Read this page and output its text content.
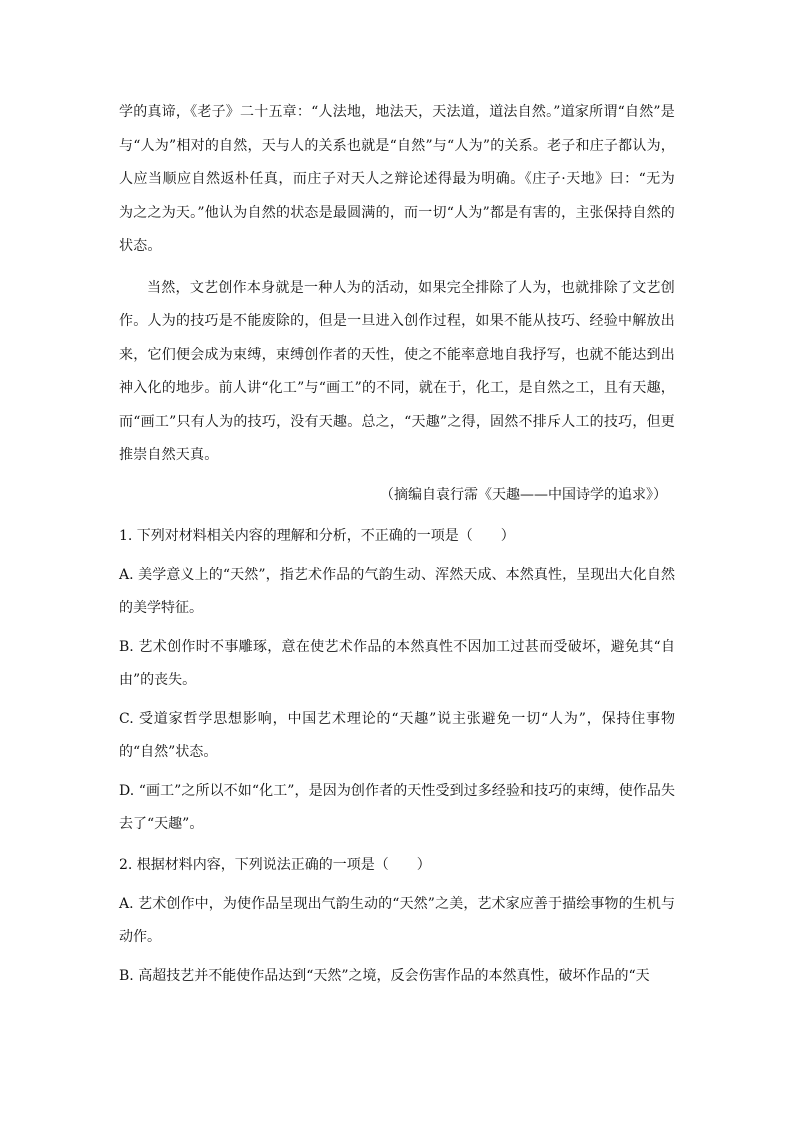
学的真谛，《老子》二十五章：“人法地，地法天，天法道，道法自然。”道家所谓“自然”是与“人为”相对的自然，天与人的关系也就是“自然”与“人为”的关系。老子和庄子都认为，人应当顺应自然返朴任真，而庄子对天人之辩论述得最为明确。《庄子·天地》曰：“无为为之之为天。”他认为自然的状态是最圆满的，而一切“人为”都是有害的，主张保持自然的状态。

当然，文艺创作本身就是一种人为的活动，如果完全排除了人为，也就排除了文艺创作。人为的技巧是不能废除的，但是一旦进入创作过程，如果不能从技巧、经验中解放出来，它们便会成为束缚，束缚创作者的天性，使之不能率意地自我抒写，也就不能达到出神入化的地步。前人讲“化工”与“画工”的不同，就在于，化工，是自然之工，且有天趣，而“画工”只有人为的技巧，没有天趣。总之，“天趣”之得，固然不排斥人工的技巧，但更推崇自然天真。

（摘编自袁行霈《天趣——中国诗学的追求》）

1. 下列对材料相关内容的理解和分析，不正确的一项是（　　）

A. 美学意义上的“天然”，指艺术作品的气韵生动、浑然天成、本然真性，呈现出大化自然的美学特征。

B. 艺术创作时不事雕琢，意在使艺术作品的本然真性不因加工过甚而受破坏，避免其“自由”的丧失。

C. 受道家哲学思想影响，中国艺术理论的“天趣”说主张避免一切“人为”，保持住事物的“自然”状态。

D. “画工”之所以不如“化工”，是因为创作者的天性受到过多经验和技巧的束缚，使作品失去了“天趣”。

2. 根据材料内容，下列说法正确的一项是（　　）

A. 艺术创作中，为使作品呈现出气韵生动的“天然”之美，艺术家应善于描绘事物的生机与动作。

B. 高超技艺并不能使作品达到“天然”之境，反会伤害作品的本然真性，破坏作品的“天
